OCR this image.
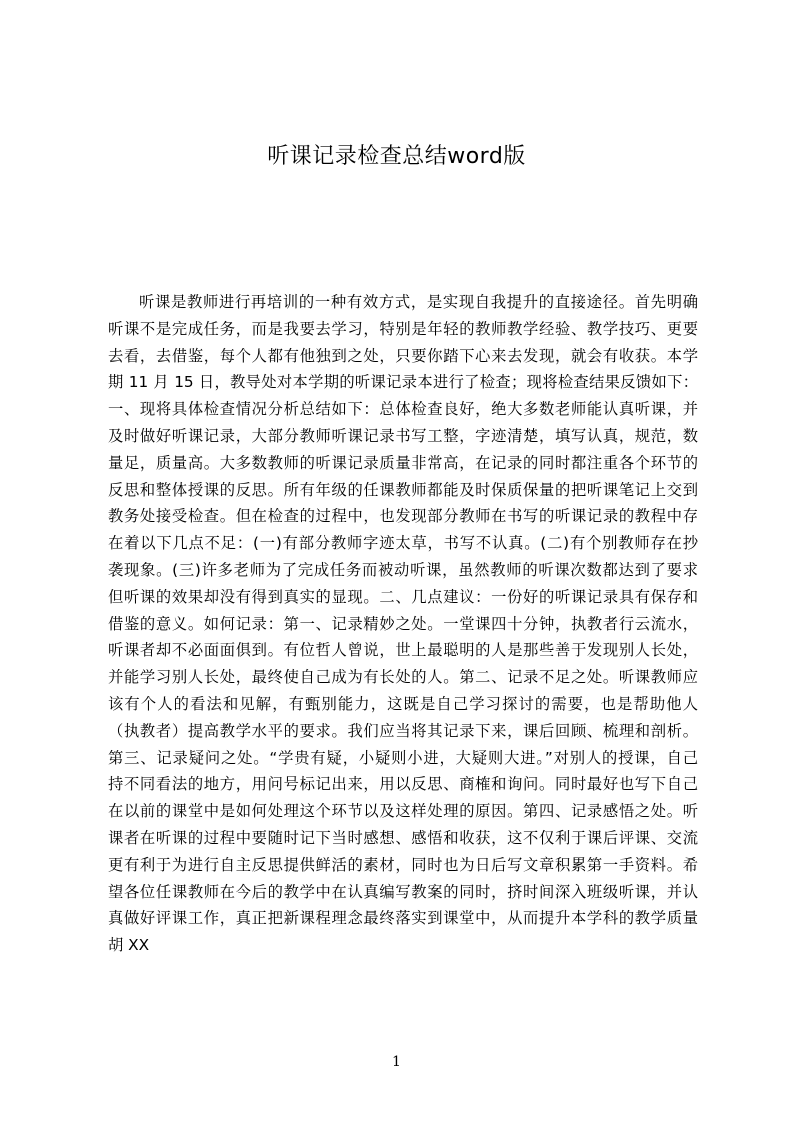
听课记录检查总结word版
听课是教师进行再培训的一种有效方式，是实现自我提升的直接途径。首先明确
听课不是完成任务，而是我要去学习，特别是年轻的教师教学经验、教学技巧、更要
去看，去借鉴，每个人都有他独到之处，只要你踏下心来去发现，就会有收获。本学
期 11 月 15 日，教导处对本学期的听课记录本进行了检查；现将检查结果反馈如下：
一、现将具体检查情况分析总结如下：总体检查良好，绝大多数老师能认真听课，并
及时做好听课记录，大部分教师听课记录书写工整，字迹清楚，填写认真，规范，数
量足，质量高。大多数教师的听课记录质量非常高，在记录的同时都注重各个环节的
反思和整体授课的反思。所有年级的任课教师都能及时保质保量的把听课笔记上交到
教务处接受检查。但在检查的过程中，也发现部分教师在书写的听课记录的教程中存
在着以下几点不足：(一)有部分教师字迹太草，书写不认真。(二)有个别教师存在抄
袭现象。(三)许多老师为了完成任务而被动听课，虽然教师的听课次数都达到了要求
但听课的效果却没有得到真实的显现。二、几点建议：一份好的听课记录具有保存和
借鉴的意义。如何记录：第一、记录精妙之处。一堂课四十分钟，执教者行云流水，
听课者却不必面面俱到。有位哲人曾说，世上最聪明的人是那些善于发现别人长处，
并能学习别人长处，最终使自己成为有长处的人。第二、记录不足之处。听课教师应
该有个人的看法和见解，有甄别能力，这既是自己学习探讨的需要，也是帮助他人
（执教者）提高教学水平的要求。我们应当将其记录下来，课后回顾、梳理和剖析。
第三、记录疑问之处。“学贵有疑，小疑则小进，大疑则大进。”对别人的授课，自己
持不同看法的地方，用问号标记出来，用以反思、商榷和询问。同时最好也写下自己
在以前的课堂中是如何处理这个环节以及这样处理的原因。第四、记录感悟之处。听
课者在听课的过程中要随时记下当时感想、感悟和收获，这不仅利于课后评课、交流
更有利于为进行自主反思提供鲜活的素材，同时也为日后写文章积累第一手资料。希
望各位任课教师在今后的教学中在认真编写教案的同时，挤时间深入班级听课，并认
真做好评课工作，真正把新课程理念最终落实到课堂中，从而提升本学科的教学质量
胡 XX
1
